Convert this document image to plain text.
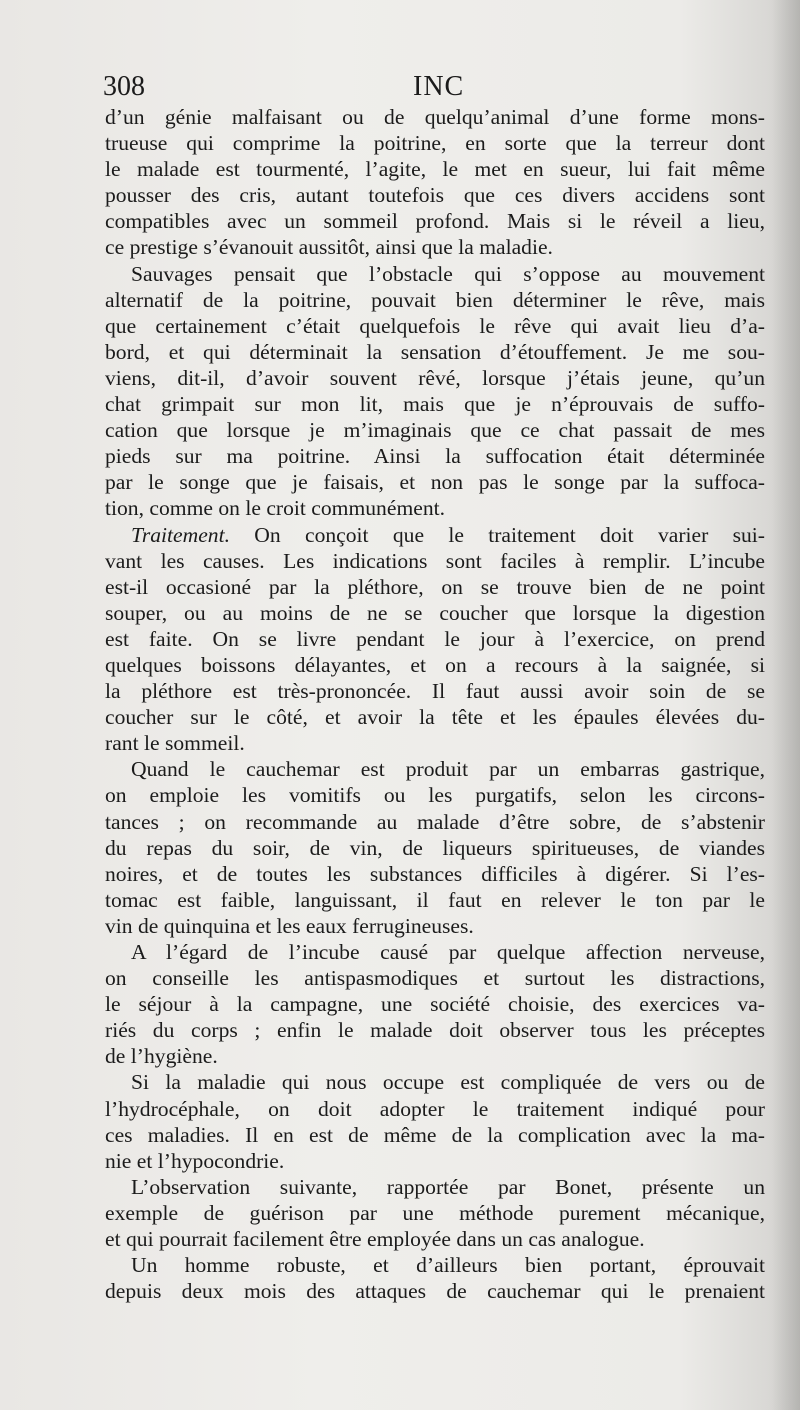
308	INC
d’un génie malfaisant ou de quelqu’animal d’une forme mons-
trueuse qui comprime la poitrine, en sorte que la terreur dont
le malade est tourmenté, l’agite, le met en sueur, lui fait même
pousser des cris, autant toutefois que ces divers accidens sont
compatibles avec un sommeil profond. Mais si le réveil a lieu,
ce prestige s’évanouit aussitôt, ainsi que la maladie.
Sauvages pensait que l’obstacle qui s’oppose au mouvement
alternatif de la poitrine, pouvait bien déterminer le rêve, mais
que certainement c’était quelquefois le rêve qui avait lieu d’a-
bord, et qui déterminait la sensation d’étouffement. Je me sou-
viens, dit-il, d’avoir souvent rêvé, lorsque j’étais jeune, qu’un
chat grimpait sur mon lit, mais que je n’éprouvais de suffo-
cation que lorsque je m’imaginais que ce chat passait de mes
pieds sur ma poitrine. Ainsi la suffocation était déterminée
par le songe que je faisais, et non pas le songe par la suffoca-
tion, comme on le croit communément.
Traitement. On conçoit que le traitement doit varier sui-
vant les causes. Les indications sont faciles à remplir. L’incube
est-il occasioné par la pléthore, on se trouve bien de ne point
souper, ou au moins de ne se coucher que lorsque la digestion
est faite. On se livre pendant le jour à l’exercice, on prend
quelques boissons délayantes, et on a recours à la saignée, si
la pléthore est très-prononcée. Il faut aussi avoir soin de se
coucher sur le côté, et avoir la tête et les épaules élevées du-
rant le sommeil.
Quand le cauchemar est produit par un embarras gastrique,
on emploie les vomitifs ou les purgatifs, selon les circons-
tances ; on recommande au malade d’être sobre, de s’abstenir
du repas du soir, de vin, de liqueurs spiritueuses, de viandes
noires, et de toutes les substances difficiles à digérer. Si l’es-
tomac est faible, languissant, il faut en relever le ton par le
vin de quinquina et les eaux ferrugineuses.
A l’égard de l’incube causé par quelque affection nerveuse,
on conseille les antispasmodiques et surtout les distractions,
le séjour à la campagne, une société choisie, des exercices va-
riés du corps ; enfin le malade doit observer tous les préceptes
de l’hygiène.
Si la maladie qui nous occupe est compliquée de vers ou de
l’hydrocéphale, on doit adopter le traitement indiqué pour
ces maladies. Il en est de même de la complication avec la ma-
nie et l’hypocondrie.
L’observation suivante, rapportée par Bonet, présente un
exemple de guérison par une méthode purement mécanique,
et qui pourrait facilement être employée dans un cas analogue.
Un homme robuste, et d’ailleurs bien portant, éprouvait
depuis deux mois des attaques de cauchemar qui le prenaient
